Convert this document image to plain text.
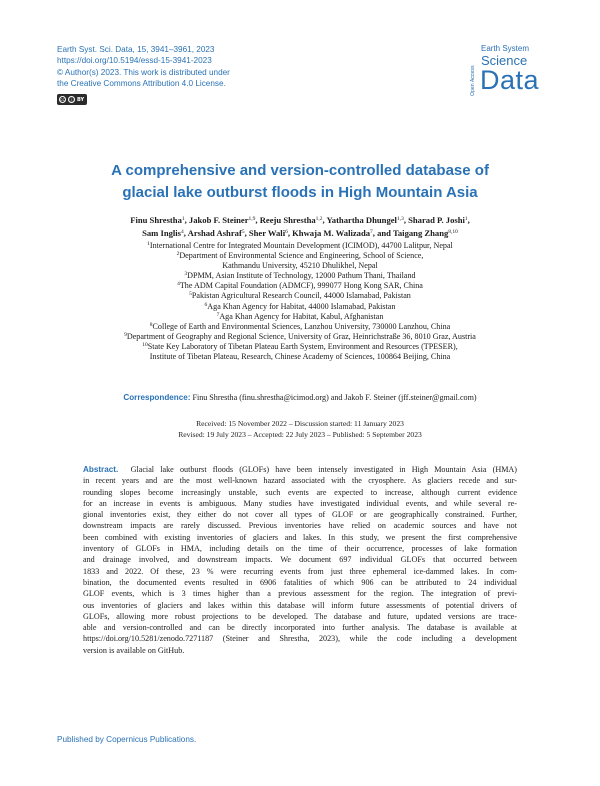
Earth Syst. Sci. Data, 15, 3941–3961, 2023
https://doi.org/10.5194/essd-15-3941-2023
© Author(s) 2023. This work is distributed under
the Creative Commons Attribution 4.0 License.
cc	ⓘ BY
Open Access
Earth System
Science
Data
A comprehensive and version-controlled database of
glacial lake outburst floods in High Mountain Asia
Finu Shrestha$^1$, Jakob F. Steiner$^{1,9}$, Reeju Shrestha$^{1,2}$, Yathartha Dhungel$^{1,3}$, Sharad P. Joshi$^1$,
Sam Inglis$^4$, Arshad Ashraf$^5$, Sher Wali$^6$, Khwaja M. Walizada$^7$, and Taigang Zhang$^{8,10}$
$^1$International Centre for Integrated Mountain Development (ICIMOD), 44700 Lalitpur, Nepal
$^2$Department of Environmental Science and Engineering, School of Science,
Kathmandu University, 45210 Dhulikhel, Nepal
$^3$DPMM, Asian Institute of Technology, 12000 Pathum Thani, Thailand
$^4$The ADM Capital Foundation (ADMCF), 999077 Hong Kong SAR, China
$^5$Pakistan Agricultural Research Council, 44000 Islamabad, Pakistan
$^6$Aga Khan Agency for Habitat, 44000 Islamabad, Pakistan
$^7$Aga Khan Agency for Habitat, Kabul, Afghanistan
$^8$College of Earth and Environmental Sciences, Lanzhou University, 730000 Lanzhou, China
$^9$Department of Geography and Regional Science, University of Graz, Heinrichstraße 36, 8010 Graz, Austria
$^{10}$State Key Laboratory of Tibetan Plateau Earth System, Environment and Resources (TPESER),
Institute of Tibetan Plateau, Research, Chinese Academy of Sciences, 100864 Beijing, China
Correspondence: Finu Shrestha (finu.shrestha@icimod.org) and Jakob F. Steiner (jff.steiner@gmail.com)
Received: 15 November 2022 – Discussion started: 11 January 2023
Revised: 19 July 2023 – Accepted: 22 July 2023 – Published: 5 September 2023
Abstract. Glacial lake outburst floods (GLOFs) have been intensely investigated in High Mountain Asia (HMA)
in recent years and are the most well-known hazard associated with the cryosphere. As glaciers recede and sur-
rounding slopes become increasingly unstable, such events are expected to increase, although current evidence
for an increase in events is ambiguous. Many studies have investigated individual events, and while several re-
gional inventories exist, they either do not cover all types of GLOF or are geographically constrained. Further,
downstream impacts are rarely discussed. Previous inventories have relied on academic sources and have not
been combined with existing inventories of glaciers and lakes. In this study, we present the first comprehensive
inventory of GLOFs in HMA, including details on the time of their occurrence, processes of lake formation
and drainage involved, and downstream impacts. We document 697 individual GLOFs that occurred between
1833 and 2022. Of these, 23 % were recurring events from just three ephemeral ice-dammed lakes. In com-
bination, the documented events resulted in 6906 fatalities of which 906 can be attributed to 24 individual
GLOF events, which is 3 times higher than a previous assessment for the region. The integration of previ-
ous inventories of glaciers and lakes within this database will inform future assessments of potential drivers of
GLOFs, allowing more robust projections to be developed. The database and future, updated versions are trace-
able and version-controlled and can be directly incorporated into further analysis. The database is available at
https://doi.org/10.5281/zenodo.7271187 (Steiner and Shrestha, 2023), while the code including a development
version is available on GitHub.
Published by Copernicus Publications.
